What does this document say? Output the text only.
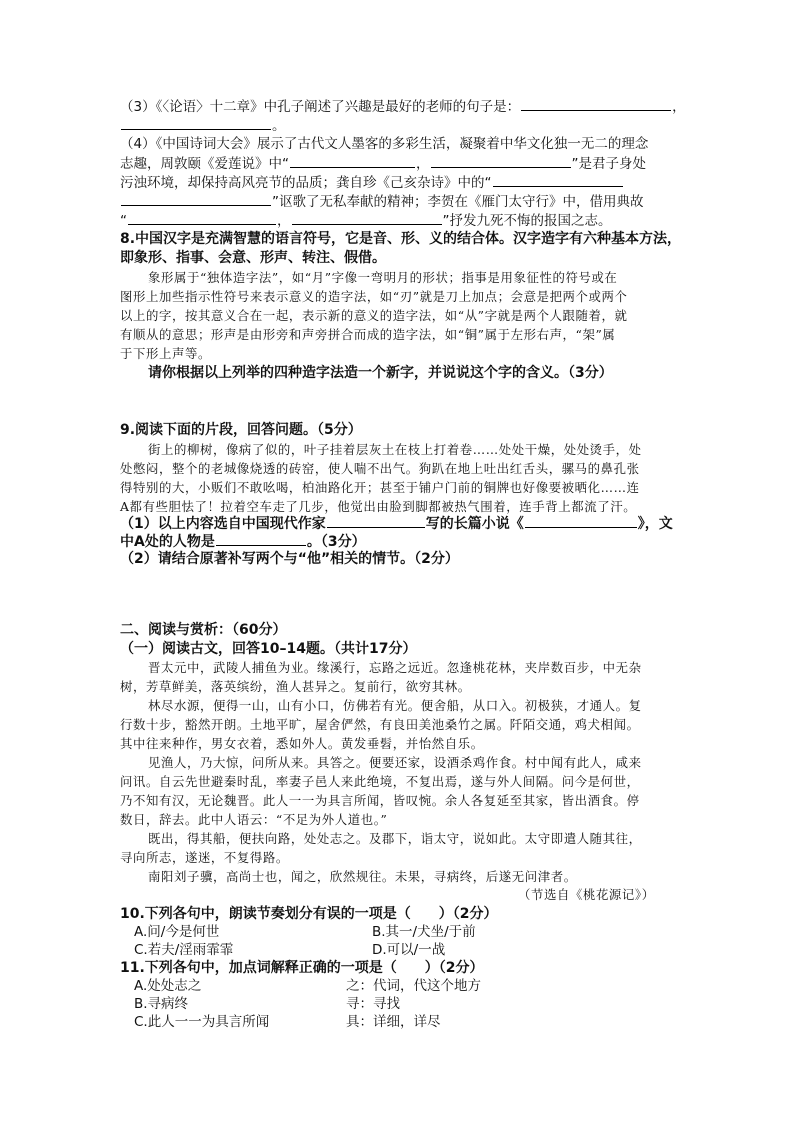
（3）《〈论语〉十二章》中孔子阐述了兴趣是最好的老师的句子是：	，
。
（4）《中国诗词大会》展示了古代文人墨客的多彩生活，凝聚着中华文化独一无二的理念
志趣，周敦颐《爱莲说》中“	，	”是君子身处
污浊环境，却保持高风亮节的品质；龚自珍《己亥杂诗》中的“
”讴歌了无私奉献的精神；李贺在《雁门太守行》中，借用典故
“	，	”抒发九死不悔的报国之志。
8.中国汉字是充满智慧的语言符号，它是音、形、义的结合体。汉字造字有六种基本方法，
即象形、指事、会意、形声、转注、假借。
象形属于“独体造字法”，如“月”字像一弯明月的形状；指事是用象征性的符号或在
图形上加些指示性符号来表示意义的造字法，如“刃”就是刀上加点；会意是把两个或两个
以上的字，按其意义合在一起，表示新的意义的造字法，如“从”字就是两个人跟随着，就
有顺从的意思；形声是由形旁和声旁拼合而成的造字法，如“铜”属于左形右声，“架”属
于下形上声等。
请你根据以上列举的四种造字法造一个新字，并说说这个字的含义。（3分）
9.阅读下面的片段，回答问题。（5分）
街上的柳树，像病了似的，叶子挂着层灰土在枝上打着卷……处处干燥，处处烫手，处
处憋闷，整个的老城像烧透的砖窑，使人喘不出气。狗趴在地上吐出红舌头，骡马的鼻孔张
得特别的大，小贩们不敢吆喝，柏油路化开；甚至于铺户门前的铜牌也好像要被晒化……连
A都有些胆怯了！拉着空车走了几步，他觉出由脸到脚都被热气围着，连手背上都流了汗。
（1）以上内容选自中国现代作家	写的长篇小说《	》，文
中A处的人物是	。（3分）
（2）请结合原著补写两个与“他”相关的情节。（2分）
二、阅读与赏析：（60分）
（一）阅读古文，回答10–14题。（共计17分）
晋太元中，武陵人捕鱼为业。缘溪行，忘路之远近。忽逢桃花林，夹岸数百步，中无杂
树，芳草鲜美，落英缤纷，渔人甚异之。复前行，欲穷其林。
林尽水源，便得一山，山有小口，仿佛若有光。便舍船，从口入。初极狭，才通人。复
行数十步，豁然开朗。土地平旷，屋舍俨然，有良田美池桑竹之属。阡陌交通，鸡犬相闻。
其中往来种作，男女衣着，悉如外人。黄发垂髫，并怡然自乐。
见渔人，乃大惊，问所从来。具答之。便要还家，设酒杀鸡作食。村中闻有此人，咸来
问讯。自云先世避秦时乱，率妻子邑人来此绝境，不复出焉，遂与外人间隔。问今是何世，
乃不知有汉，无论魏晋。此人一一为具言所闻，皆叹惋。余人各复延至其家，皆出酒食。停
数日，辞去。此中人语云：“不足为外人道也。”
既出，得其船，便扶向路，处处志之。及郡下，诣太守，说如此。太守即遣人随其往，
寻向所志，遂迷，不复得路。
南阳刘子骥，高尚士也，闻之，欣然规往。未果，寻病终，后遂无问津者。
（节选自《桃花源记》）
10.下列各句中，朗读节奏划分有误的一项是（　　）（2分）
A.问/今是何世	B.其一/犬坐/于前
C.若夫/淫雨霏霏	D.可以/一战
11.下列各句中，加点词解释正确的一项是（　　）（2分）
A.处处志之	之：代词，代这个地方
B.寻病终	寻：寻找
C.此人一一为具言所闻	具：详细，详尽
